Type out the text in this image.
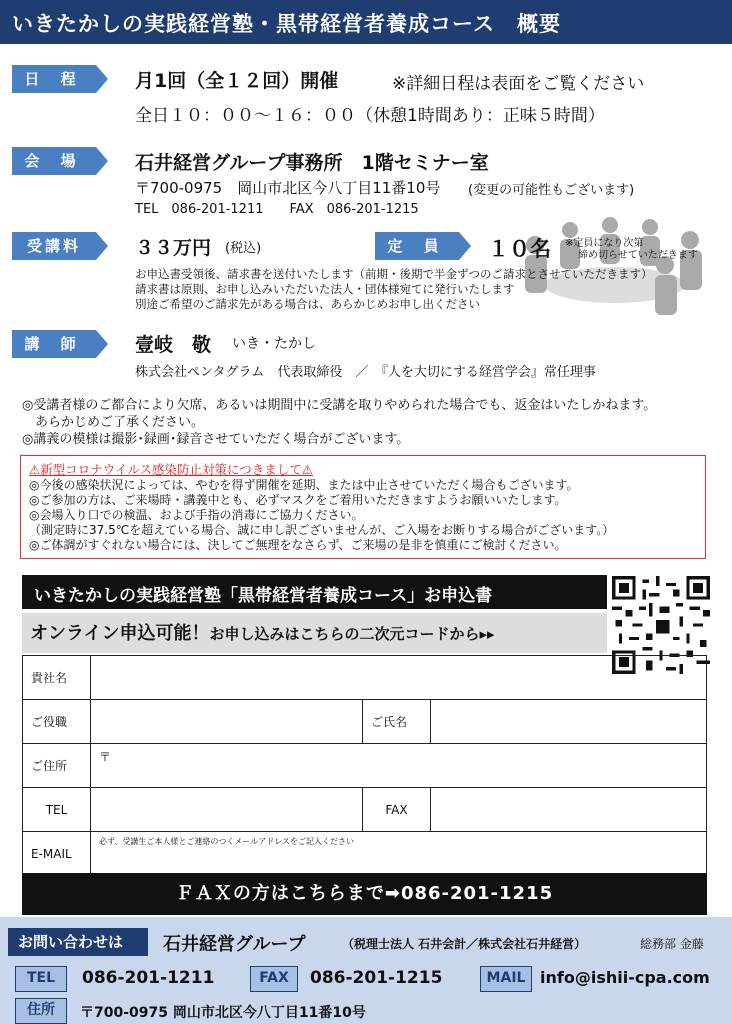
いきたかしの実践経営塾・黒帯経営者養成コース　概要
日 程	月1回（全１２回）開催	※詳細日程は表面をご覧ください
全日１０：００〜１６：００（休憩1時間あり：正味５時間）
会 場	石井経営グループ事務所　1階セミナー室
〒700-0975　岡山市北区今八丁目11番10号 (変更の可能性もございます)
TEL　086-201-1211　　FAX　086-201-1215
受講料	３３万円 (税込)	定 員	１０名 ※定員になり次第
締め切らせていただきます
お申込書受領後、請求書を送付いたします（前期・後期で半金ずつのご請求とさせていただきます）
請求書は原則、お申し込みいただいた法人・団体様宛てに発行いたします
別途ご希望のご請求先がある場合は、あらかじめお申し出ください
講 師	壹岐　敬 いき・たかし
株式会社ペンタグラム　代表取締役　／　『人を大切にする経営学会』常任理事
◎受講者様のご都合により欠席、あるいは期間中に受講を取りやめられた場合でも、返金はいたしかねます。
　あらかじめご了承ください。
◎講義の模様は撮影･録画･録音させていただく場合がございます。
⚠新型コロナウイルス感染防止対策につきまして⚠
◎今後の感染状況によっては、やむを得ず開催を延期、または中止させていただく場合もございます。
◎ご参加の方は、ご来場時・講義中とも、必ずマスクをご着用いただきますようお願いいたします。
◎会場入り口での検温、および手指の消毒にご協力ください。
（測定時に37.5℃を超えている場合、誠に申し訳ございませんが、ご入場をお断りする場合がございます。）
◎ご体調がすぐれない場合には、決してご無理をなさらず、ご来場の是非を慎重にご検討ください。
いきたかしの実践経営塾「黒帯経営者養成コース」お申込書
オンライン申込可能！お申し込みはこちらの二次元コードから▸▸
貴社名			
ご役職		ご氏名	
ご住所	〒		
TEL		FAX	
E-MAIL	必ず、受講生ご本人様とご連絡のつくメールアドレスをご記入ください		
ＦＡＸの方はこちらまで➡086-201-1215
お問い合わせは	石井経営グループ	（税理士法人 石井会計／株式会社石井経営）	総務部 金藤
TEL	086-201-1211	FAX	086-201-1215	MAIL info@ishii-cpa.com
住所	〒700-0975 岡山市北区今八丁目11番10号
